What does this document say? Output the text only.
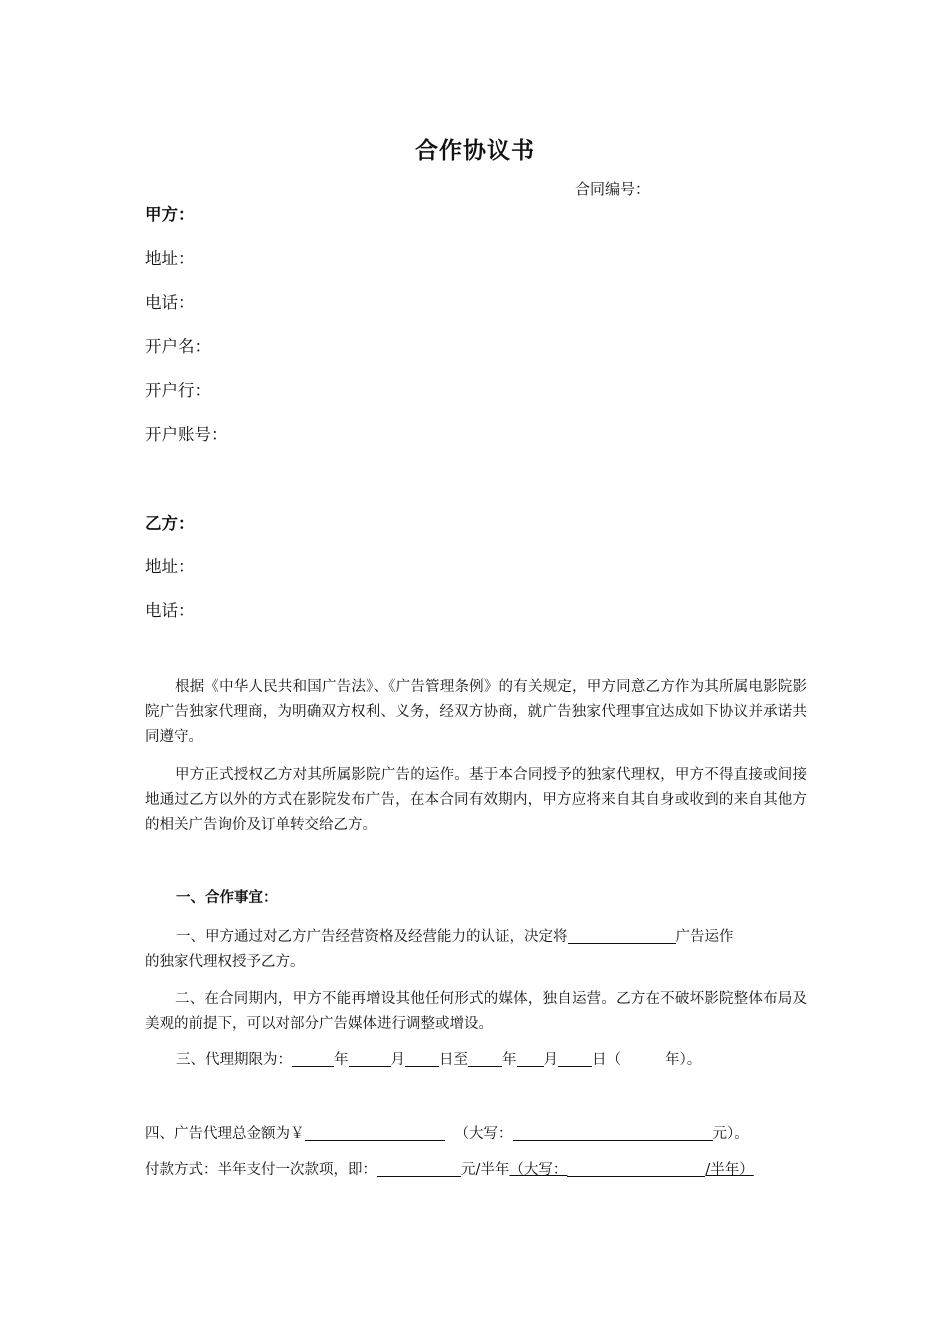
合作协议书
合同编号：
甲方：
地址：
电话：
开户名：
开户行：
开户账号：
乙方：
地址：
电话：
根据《中华人民共和国广告法》、《广告管理条例》的有关规定，甲方同意乙方作为其所属电影院影院广告独家代理商，为明确双方权利、义务，经双方协商，就广告独家代理事宜达成如下协议并承诺共同遵守。
甲方正式授权乙方对其所属影院广告的运作。基于本合同授予的独家代理权，甲方不得直接或间接地通过乙方以外的方式在影院发布广告，在本合同有效期内，甲方应将来自其自身或收到的来自其他方的相关广告询价及订单转交给乙方。
一、合作事宜：
一、甲方通过对乙方广告经营资格及经营能力的认证，决定将	广告运作
的独家代理权授予乙方。
二、在合同期内，甲方不能再增设其他任何形式的媒体，独自运营。乙方在不破坏影院整体布局及美观的前提下，可以对部分广告媒体进行调整或增设。
三、代理期限为：	年	月 日至 年 月 日（	年）。
四、广告代理总金额为￥	（大写：	元）。
付款方式：半年支付一次款项，即：	元/半年（大写：	/半年）
